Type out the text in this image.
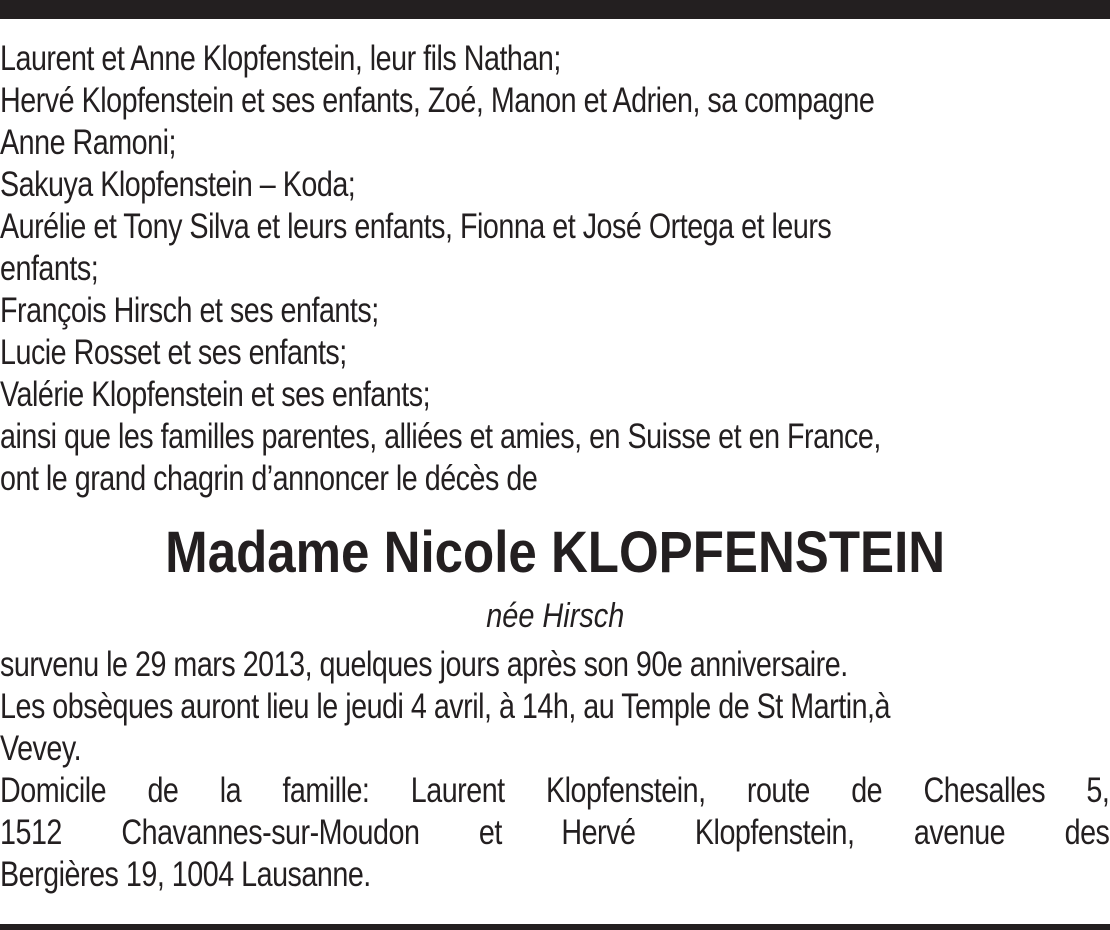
Laurent et Anne Klopfenstein, leur fils Nathan;
Hervé Klopfenstein et ses enfants, Zoé, Manon et Adrien, sa compagne
Anne Ramoni;
Sakuya Klopfenstein – Koda;
Aurélie et Tony Silva et leurs enfants, Fionna et José Ortega et leurs
enfants;
François Hirsch et ses enfants;
Lucie Rosset et ses enfants;
Valérie Klopfenstein et ses enfants;
ainsi que les familles parentes, alliées et amies, en Suisse et en France,
ont le grand chagrin d’annoncer le décès de
Madame Nicole KLOPFENSTEIN
née Hirsch
survenu le 29 mars 2013, quelques jours après son 90e anniversaire.
Les obsèques auront lieu le jeudi 4 avril, à 14h, au Temple de St Martin,à
Vevey.
Domicile de la famille: Laurent Klopfenstein, route de Chesalles 5,
1512 Chavannes-sur-Moudon et Hervé Klopfenstein, avenue des
Bergières 19, 1004 Lausanne.
